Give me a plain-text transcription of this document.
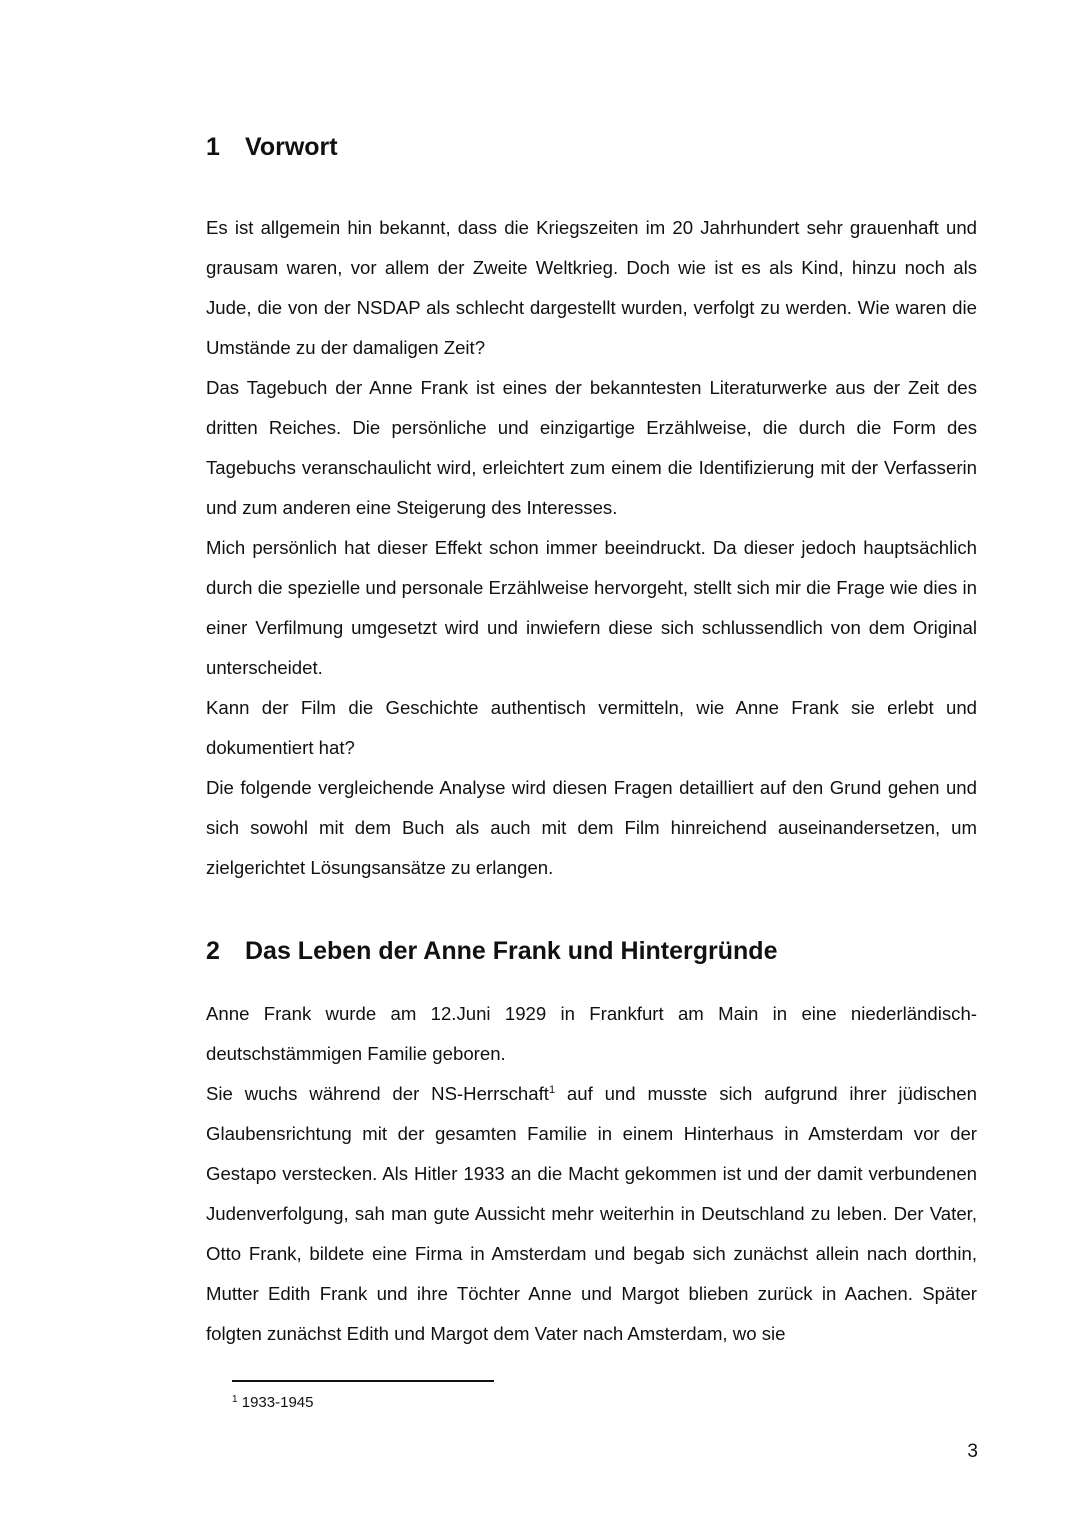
1 Vorwort

Es ist allgemein hin bekannt, dass die Kriegszeiten im 20 Jahrhundert sehr grauenhaft und grausam waren, vor allem der Zweite Weltkrieg. Doch wie ist es als Kind, hinzu noch als Jude, die von der NSDAP als schlecht dargestellt wurden, verfolgt zu werden. Wie waren die Umstände zu der damaligen Zeit?

Das Tagebuch der Anne Frank ist eines der bekanntesten Literaturwerke aus der Zeit des dritten Reiches. Die persönliche und einzigartige Erzählweise, die durch die Form des Tagebuchs veranschaulicht wird, erleichtert zum einem die Identifizierung mit der Verfasserin und zum anderen eine Steigerung des Interesses.

Mich persönlich hat dieser Effekt schon immer beeindruckt. Da dieser jedoch hauptsächlich durch die spezielle und personale Erzählweise hervorgeht, stellt sich mir die Frage wie dies in einer Verfilmung umgesetzt wird und inwiefern diese sich schlussendlich von dem Original unterscheidet.

Kann der Film die Geschichte authentisch vermitteln, wie Anne Frank sie erlebt und dokumentiert hat?

Die folgende vergleichende Analyse wird diesen Fragen detailliert auf den Grund gehen und sich sowohl mit dem Buch als auch mit dem Film hinreichend auseinandersetzen, um zielgerichtet Lösungsansätze zu erlangen.

2 Das Leben der Anne Frank und Hintergründe

Anne Frank wurde am 12.Juni 1929 in Frankfurt am Main in eine niederländisch-deutschstämmigen Familie geboren.

Sie wuchs während der NS-Herrschaft$^1$ auf und musste sich aufgrund ihrer jüdischen Glaubensrichtung mit der gesamten Familie in einem Hinterhaus in Amsterdam vor der Gestapo verstecken. Als Hitler 1933 an die Macht gekommen ist und der damit verbundenen Judenverfolgung, sah man gute Aussicht mehr weiterhin in Deutschland zu leben. Der Vater, Otto Frank, bildete eine Firma in Amsterdam und begab sich zunächst allein nach dorthin, Mutter Edith Frank und ihre Töchter Anne und Margot blieben zurück in Aachen. Später folgten zunächst Edith und Margot dem Vater nach Amsterdam, wo sie

$^1$ 1933-1945
3
